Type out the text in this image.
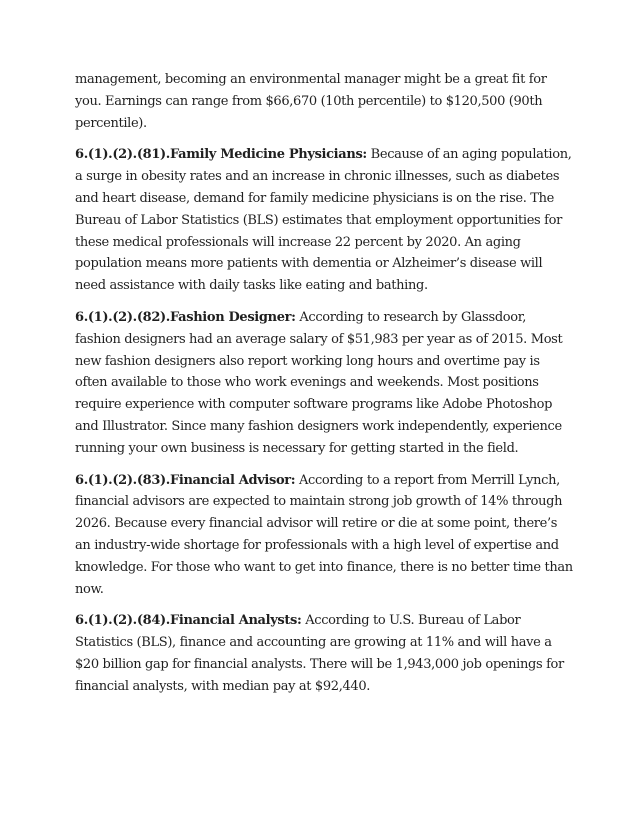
management, becoming an environmental manager might be a great fit for you. Earnings can range from $66,670 (10th percentile) to $120,500 (90th percentile).

6.(1).(2).(81).Family Medicine Physicians: Because of an aging population, a surge in obesity rates and an increase in chronic illnesses, such as diabetes and heart disease, demand for family medicine physicians is on the rise. The Bureau of Labor Statistics (BLS) estimates that employment opportunities for these medical professionals will increase 22 percent by 2020. An aging population means more patients with dementia or Alzheimer’s disease will need assistance with daily tasks like eating and bathing.

6.(1).(2).(82).Fashion Designer: According to research by Glassdoor, fashion designers had an average salary of $51,983 per year as of 2015. Most new fashion designers also report working long hours and overtime pay is often available to those who work evenings and weekends. Most positions require experience with computer software programs like Adobe Photoshop and Illustrator. Since many fashion designers work independently, experience running your own business is necessary for getting started in the field.

6.(1).(2).(83).Financial Advisor: According to a report from Merrill Lynch, financial advisors are expected to maintain strong job growth of 14% through 2026. Because every financial advisor will retire or die at some point, there’s an industry-wide shortage for professionals with a high level of expertise and knowledge. For those who want to get into finance, there is no better time than now.

6.(1).(2).(84).Financial Analysts: According to U.S. Bureau of Labor Statistics (BLS), finance and accounting are growing at 11% and will have a $20 billion gap for financial analysts. There will be 1,943,000 job openings for financial analysts, with median pay at $92,440.
